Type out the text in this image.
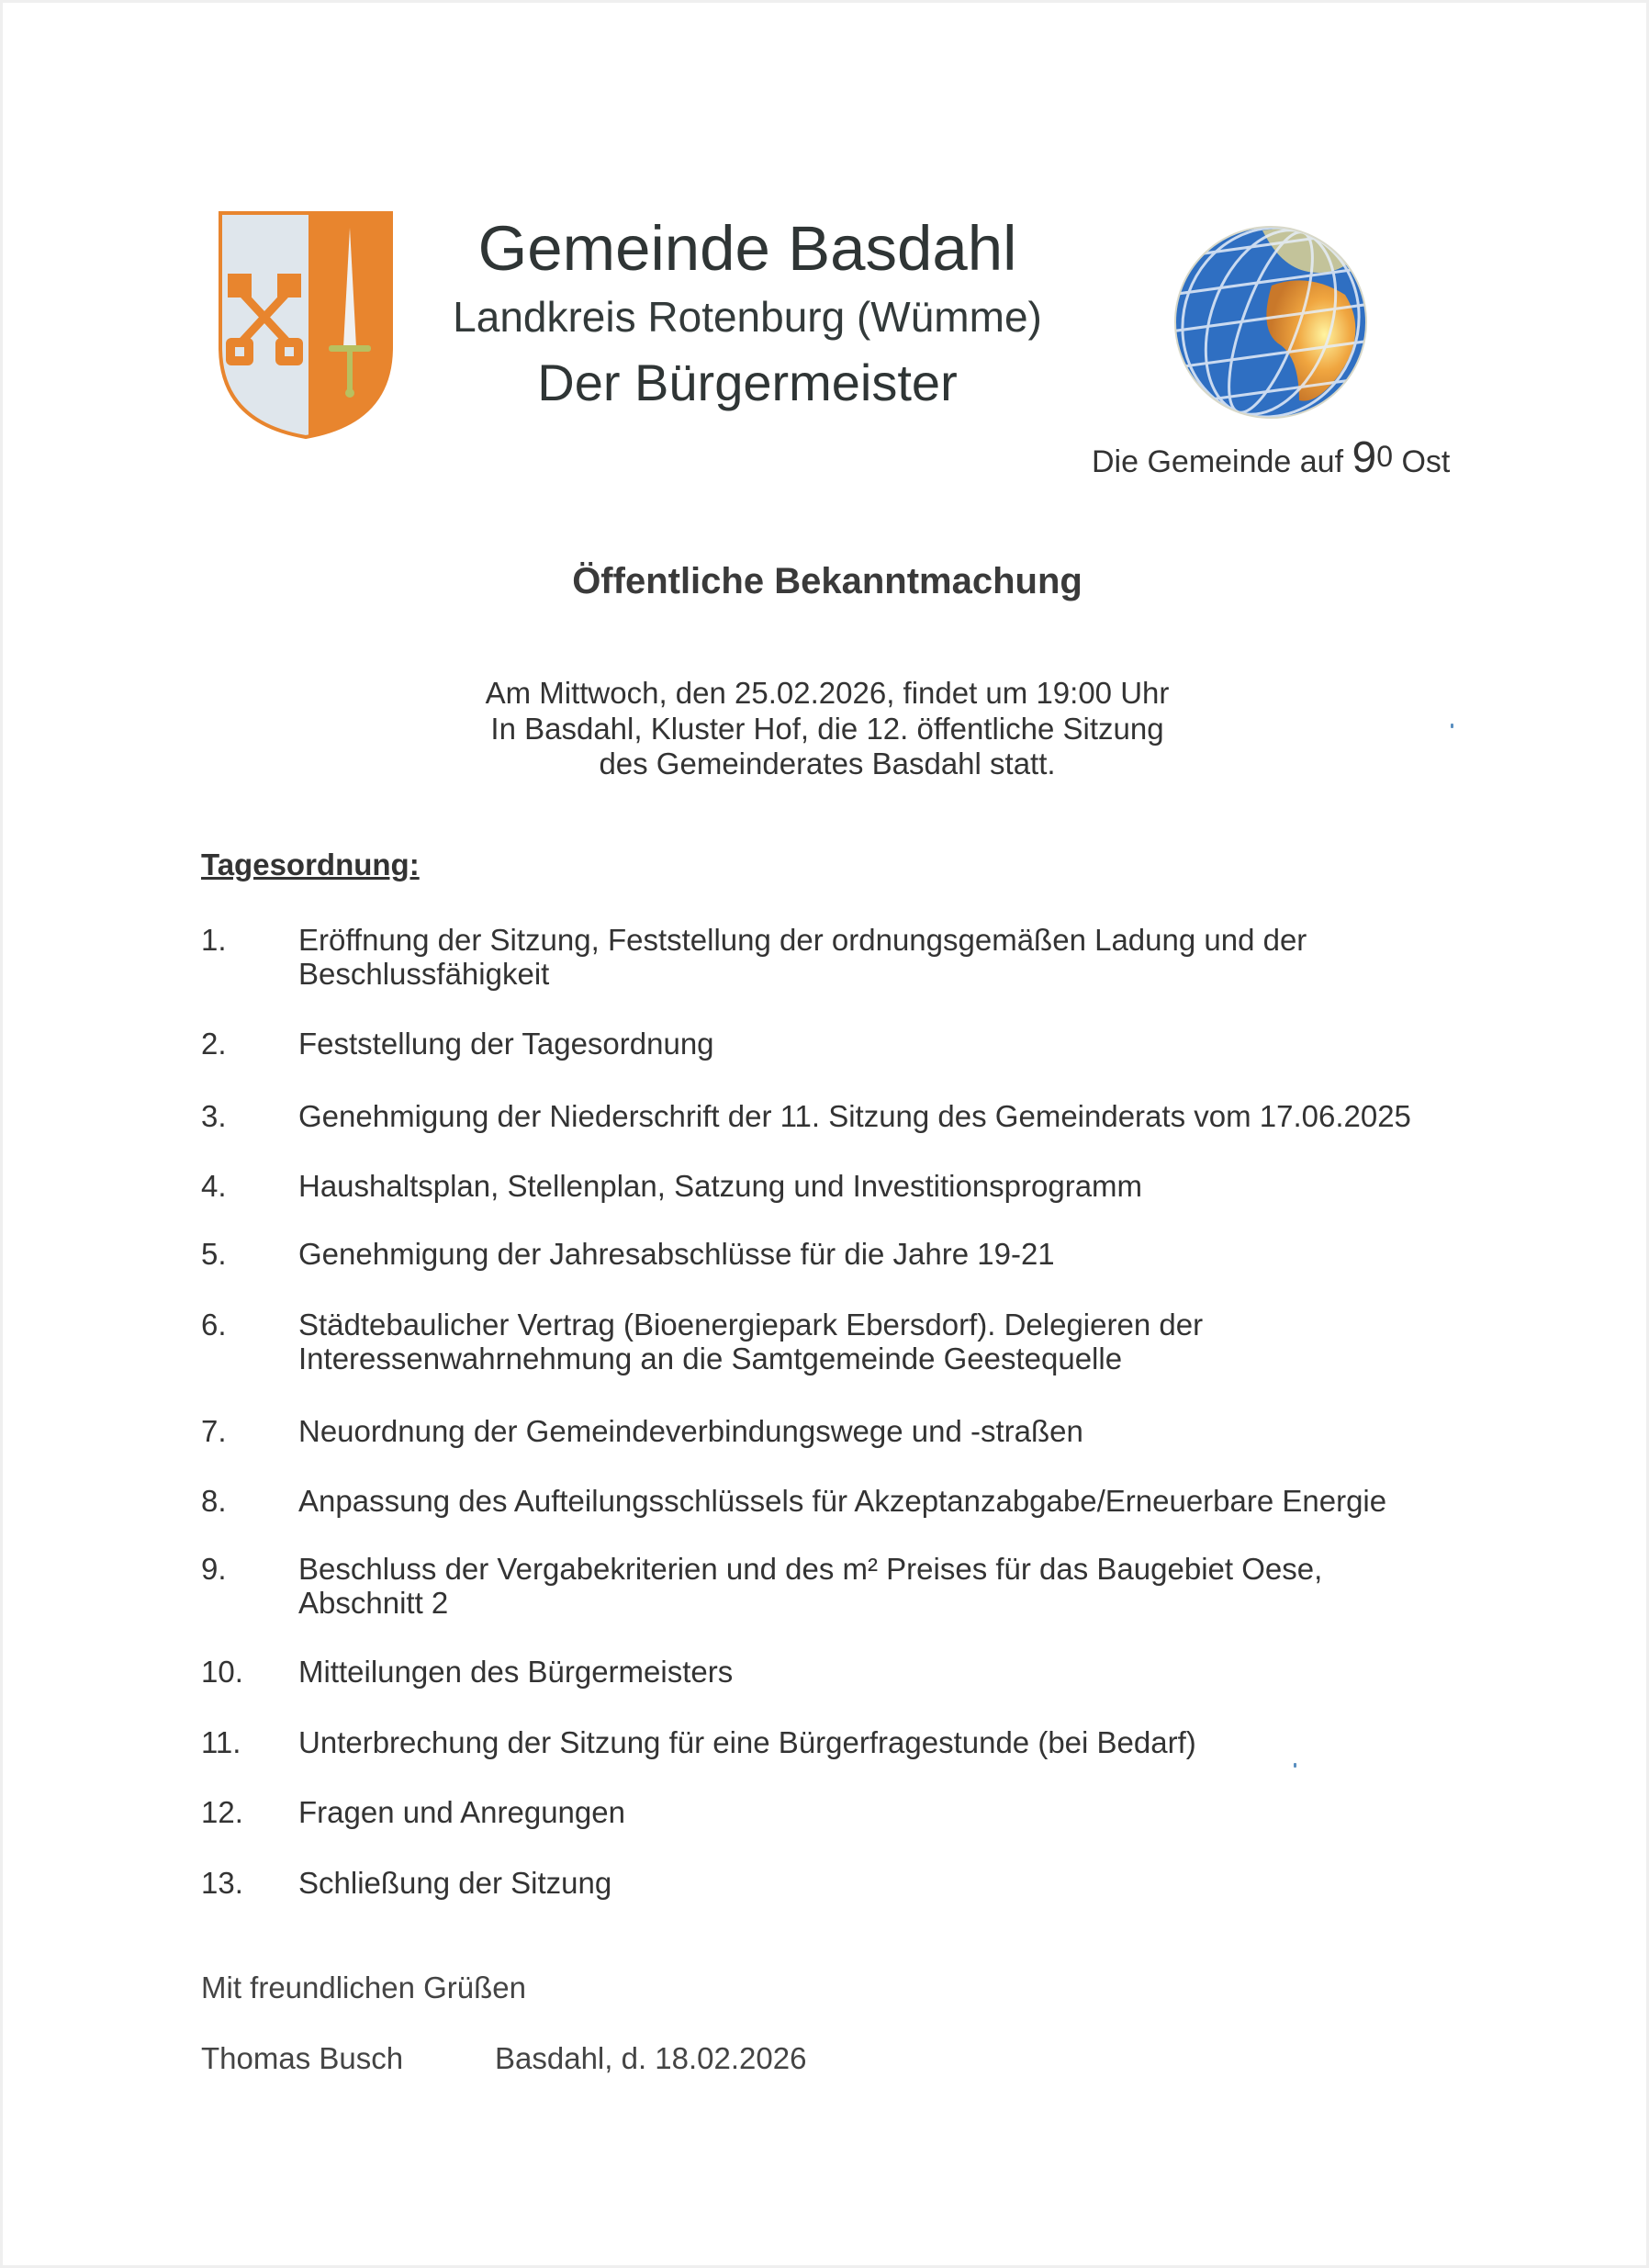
Gemeinde Basdahl
Landkreis Rotenburg (Wümme)
Der Bürgermeister
Die Gemeinde auf $9^0$ Ost
Öffentliche Bekanntmachung
Am Mittwoch, den 25.02.2026, findet um 19:00 Uhr
In Basdahl, Kluster Hof, die 12. öffentliche Sitzung
des Gemeinderates Basdahl statt.
Tagesordnung:
1. Eröffnung der Sitzung, Feststellung der ordnungsgemäßen Ladung und der Beschlussfähigkeit
2. Feststellung der Tagesordnung
3. Genehmigung der Niederschrift der 11. Sitzung des Gemeinderats vom 17.06.2025
4. Haushaltsplan, Stellenplan, Satzung und Investitionsprogramm
5. Genehmigung der Jahresabschlüsse für die Jahre 19-21
6. Städtebaulicher Vertrag (Bioenergiepark Ebersdorf). Delegieren der Interessenwahrnehmung an die Samtgemeinde Geestequelle
7. Neuordnung der Gemeindeverbindungswege und -straßen
8. Anpassung des Aufteilungsschlüssels für Akzeptanzabgabe/Erneuerbare Energie
9. Beschluss der Vergabekriterien und des m² Preises für das Baugebiet Oese, Abschnitt 2
10. Mitteilungen des Bürgermeisters
11. Unterbrechung der Sitzung für eine Bürgerfragestunde (bei Bedarf)
12. Fragen und Anregungen
13. Schließung der Sitzung
Mit freundlichen Grüßen
Thomas Busch	Basdahl, d. 18.02.2026
